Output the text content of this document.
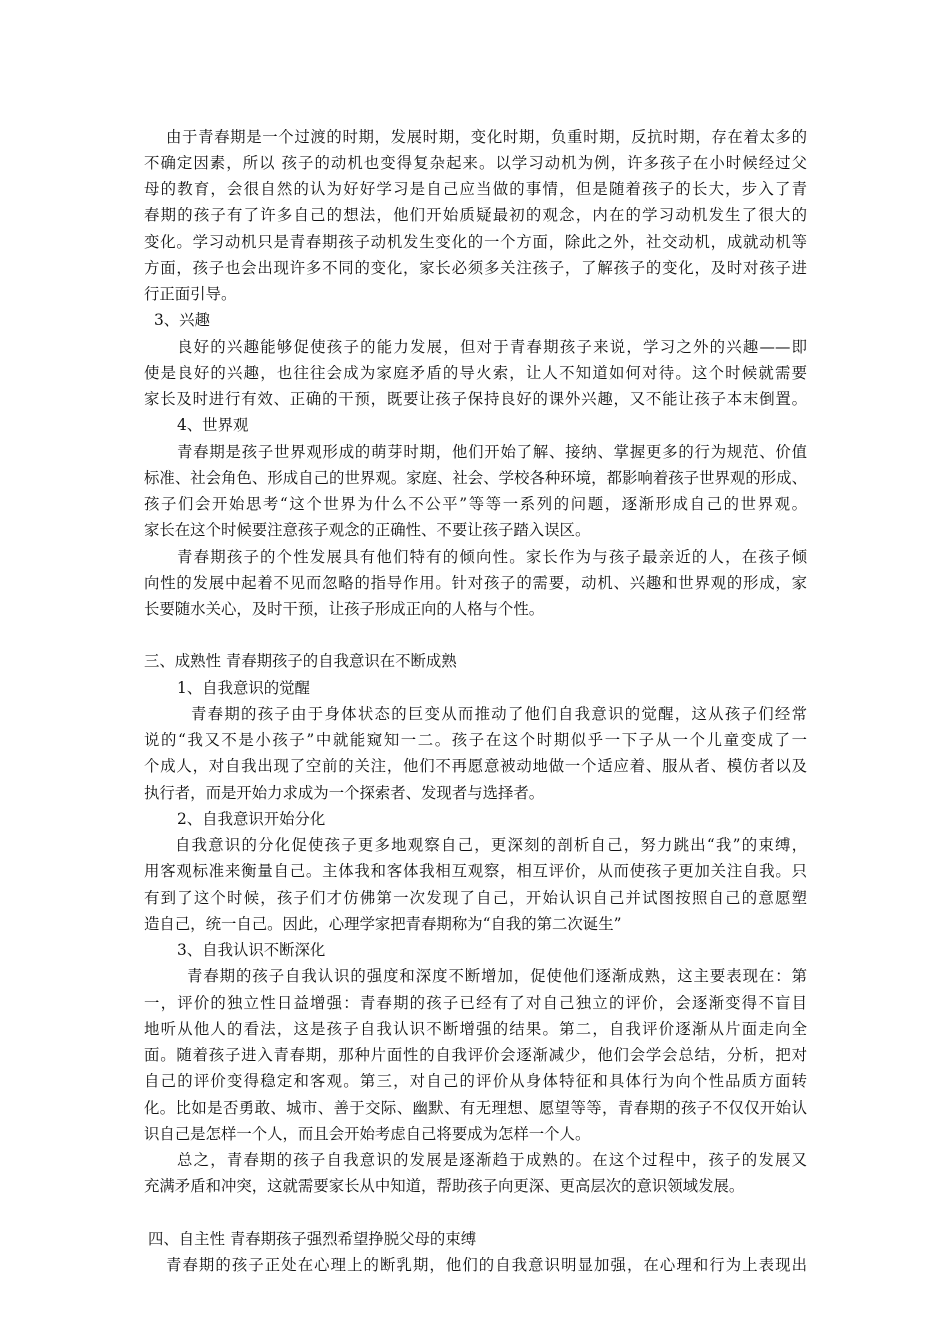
由于青春期是一个过渡的时期，发展时期，变化时期，负重时期，反抗时期，存在着太多的
不确定因素，所以 孩子的动机也变得复杂起来。以学习动机为例，许多孩子在小时候经过父
母的教育，会很自然的认为好好学习是自己应当做的事情，但是随着孩子的长大，步入了青
春期的孩子有了许多自己的想法，他们开始质疑最初的观念，内在的学习动机发生了很大的
变化。学习动机只是青春期孩子动机发生变化的一个方面，除此之外，社交动机，成就动机等
方面，孩子也会出现许多不同的变化，家长必须多关注孩子，了解孩子的变化，及时对孩子进
行正面引导。
3、兴趣
良好的兴趣能够促使孩子的能力发展，但对于青春期孩子来说，学习之外的兴趣——即
使是良好的兴趣，也往往会成为家庭矛盾的导火索，让人不知道如何对待。这个时候就需要
家长及时进行有效、正确的干预，既要让孩子保持良好的课外兴趣，又不能让孩子本末倒置。
4、世界观
青春期是孩子世界观形成的萌芽时期，他们开始了解、接纳、掌握更多的行为规范、价值
标准、社会角色、形成自己的世界观。家庭、社会、学校各种环境，都影响着孩子世界观的形成、
孩子们会开始思考“这个世界为什么不公平”等等一系列的问题，逐渐形成自己的世界观。
家长在这个时候要注意孩子观念的正确性、不要让孩子踏入误区。
青春期孩子的个性发展具有他们特有的倾向性。家长作为与孩子最亲近的人，在孩子倾
向性的发展中起着不见而忽略的指导作用。针对孩子的需要，动机、兴趣和世界观的形成，家
长要随水关心，及时干预，让孩子形成正向的人格与个性。
三、成熟性 青春期孩子的自我意识在不断成熟
1、自我意识的觉醒
青春期的孩子由于身体状态的巨变从而推动了他们自我意识的觉醒，这从孩子们经常
说的“我又不是小孩子”中就能窥知一二。孩子在这个时期似乎一下子从一个儿童变成了一
个成人，对自我出现了空前的关注，他们不再愿意被动地做一个适应着、服从者、模仿者以及
执行者，而是开始力求成为一个探索者、发现者与选择者。
2、自我意识开始分化
自我意识的分化促使孩子更多地观察自己，更深刻的剖析自己，努力跳出“我”的束缚，
用客观标准来衡量自己。主体我和客体我相互观察，相互评价，从而使孩子更加关注自我。只
有到了这个时候，孩子们才仿佛第一次发现了自己，开始认识自己并试图按照自己的意愿塑
造自己，统一自己。因此，心理学家把青春期称为“自我的第二次诞生”
3、自我认识不断深化
青春期的孩子自我认识的强度和深度不断增加，促使他们逐渐成熟，这主要表现在：第
一，评价的独立性日益增强：青春期的孩子已经有了对自己独立的评价，会逐渐变得不盲目
地听从他人的看法，这是孩子自我认识不断增强的结果。第二，自我评价逐渐从片面走向全
面。随着孩子进入青春期，那种片面性的自我评价会逐渐减少，他们会学会总结，分析，把对
自己的评价变得稳定和客观。第三，对自己的评价从身体特征和具体行为向个性品质方面转
化。比如是否勇敢、城市、善于交际、幽默、有无理想、愿望等等，青春期的孩子不仅仅开始认
识自己是怎样一个人，而且会开始考虑自己将要成为怎样一个人。
总之，青春期的孩子自我意识的发展是逐渐趋于成熟的。在这个过程中，孩子的发展又
充满矛盾和冲突，这就需要家长从中知道，帮助孩子向更深、更高层次的意识领域发展。
四、自主性 青春期孩子强烈希望挣脱父母的束缚
青春期的孩子正处在心理上的断乳期，他们的自我意识明显加强，在心理和行为上表现出
